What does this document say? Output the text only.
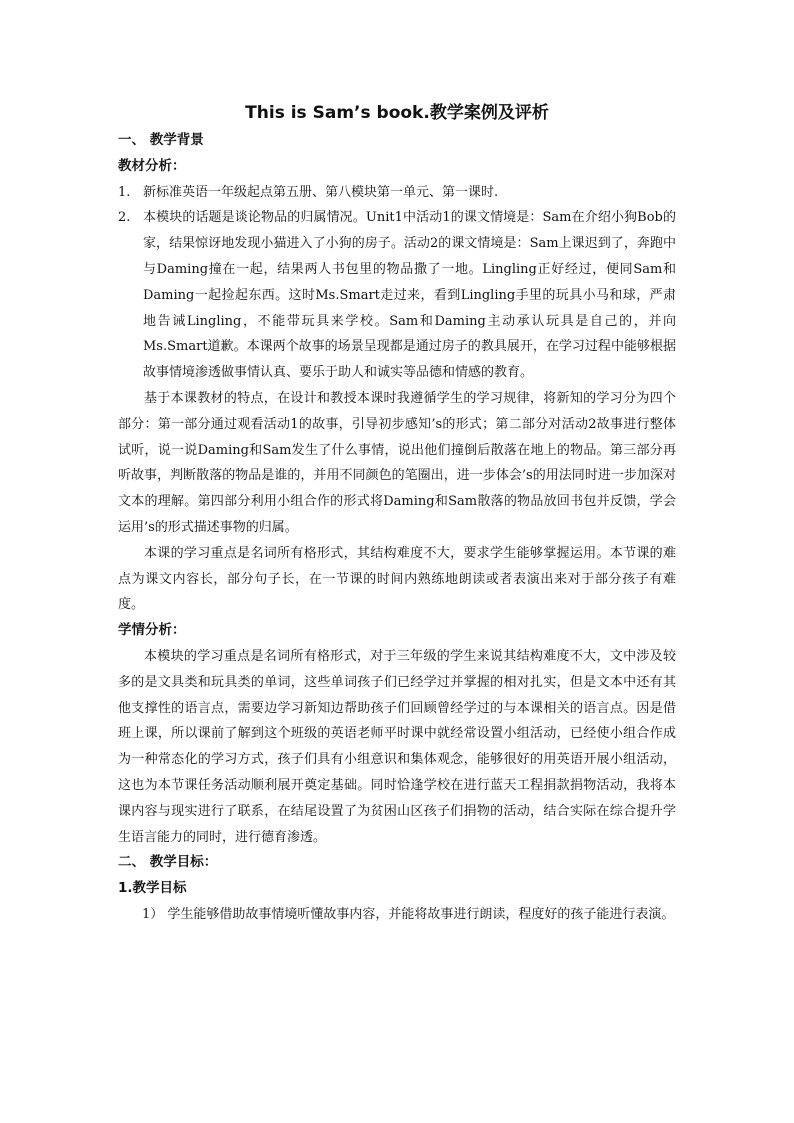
This is Sam’s book.教学案例及评析
一、 教学背景
教材分析：
1. 新标准英语一年级起点第五册、第八模块第一单元、第一课时.
2. 本模块的话题是谈论物品的归属情况。Unit1中活动1的课文情境是：Sam在介绍小狗Bob的家，结果惊讶地发现小猫进入了小狗的房子。活动2的课文情境是：Sam上课迟到了，奔跑中与Daming撞在一起，结果两人书包里的物品撒了一地。Lingling正好经过，便同Sam和Daming一起捡起东西。这时Ms.Smart走过来，看到Lingling手里的玩具小马和球，严肃地告诫Lingling，不能带玩具来学校。Sam和Daming主动承认玩具是自己的，并向Ms.Smart道歉。本课两个故事的场景呈现都是通过房子的教具展开，在学习过程中能够根据故事情境渗透做事情认真、要乐于助人和诚实等品德和情感的教育。

基于本课教材的特点，在设计和教授本课时我遵循学生的学习规律，将新知的学习分为四个部分：第一部分通过观看活动1的故事，引导初步感知’s的形式；第二部分对活动2故事进行整体试听，说一说Daming和Sam发生了什么事情，说出他们撞倒后散落在地上的物品。第三部分再听故事，判断散落的物品是谁的，并用不同颜色的笔圈出，进一步体会’s的用法同时进一步加深对文本的理解。第四部分利用小组合作的形式将Daming和Sam散落的物品放回书包并反馈，学会运用’s的形式描述事物的归属。

本课的学习重点是名词所有格形式，其结构难度不大，要求学生能够掌握运用。本节课的难点为课文内容长，部分句子长，在一节课的时间内熟练地朗读或者表演出来对于部分孩子有难度。

学情分析：

本模块的学习重点是名词所有格形式，对于三年级的学生来说其结构难度不大，文中涉及较多的是文具类和玩具类的单词，这些单词孩子们已经学过并掌握的相对扎实，但是文本中还有其他支撑性的语言点，需要边学习新知边帮助孩子们回顾曾经学过的与本课相关的语言点。因是借班上课，所以课前了解到这个班级的英语老师平时课中就经常设置小组活动，已经使小组合作成为一种常态化的学习方式，孩子们具有小组意识和集体观念，能够很好的用英语开展小组活动，这也为本节课任务活动顺利展开奠定基础。同时恰逢学校在进行蓝天工程捐款捐物活动，我将本课内容与现实进行了联系，在结尾设置了为贫困山区孩子们捐物的活动，结合实际在综合提升学生语言能力的同时，进行德育渗透。

二、 教学目标：
1.教学目标

1） 学生能够借助故事情境听懂故事内容，并能将故事进行朗读，程度好的孩子能进行表演。
